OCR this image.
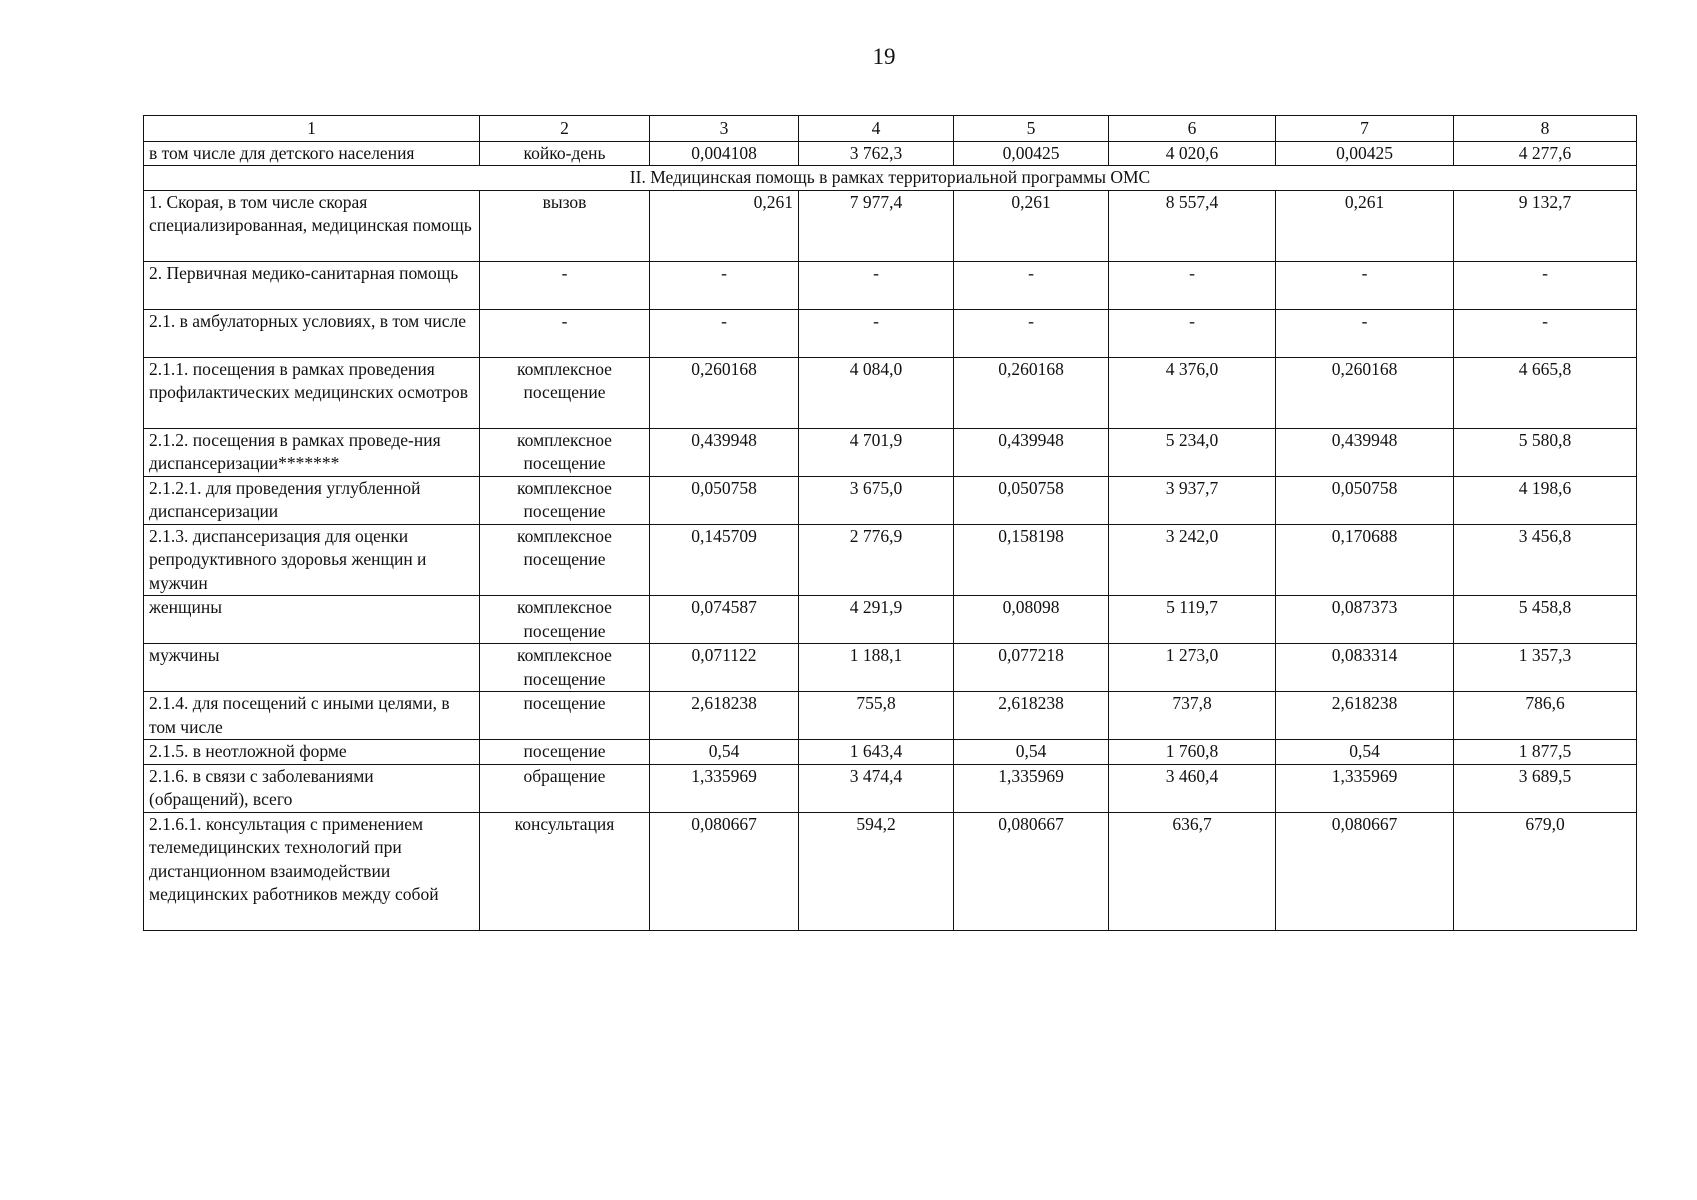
19
1	2	3	4	5	6	7	8
в том числе для детского населения	койко-день	0,004108	3 762,3	0,00425	4 020,6	0,00425	4 277,6
II. Медицинская помощь в рамках территориальной программы ОМС							
1. Скорая, в том числе скорая специализированная, медицинская помощь	вызов	0,261	7 977,4	0,261	8 557,4	0,261	9 132,7
2. Первичная медико-санитарная помощь	-	-	-	-	-	-	-
2.1. в амбулаторных условиях, в том числе	-	-	-	-	-	-	-
2.1.1. посещения в рамках проведения профилактических медицинских осмотров	комплексное посещение	0,260168	4 084,0	0,260168	4 376,0	0,260168	4 665,8
2.1.2. посещения в рамках проведе-ния диспансеризации*******	комплексное посещение	0,439948	4 701,9	0,439948	5 234,0	0,439948	5 580,8
2.1.2.1. для проведения углубленной диспансеризации	комплексное посещение	0,050758	3 675,0	0,050758	3 937,7	0,050758	4 198,6
2.1.3. диспансеризация для оценки репродуктивного здоровья женщин и мужчин	комплексное посещение	0,145709	2 776,9	0,158198	3 242,0	0,170688	3 456,8
женщины	комплексное посещение	0,074587	4 291,9	0,08098	5 119,7	0,087373	5 458,8
мужчины	комплексное посещение	0,071122	1 188,1	0,077218	1 273,0	0,083314	1 357,3
2.1.4. для посещений с иными целями, в том числе	посещение	2,618238	755,8	2,618238	737,8	2,618238	786,6
2.1.5. в неотложной форме	посещение	0,54	1 643,4	0,54	1 760,8	0,54	1 877,5
2.1.6. в связи с заболеваниями (обращений), всего	обращение	1,335969	3 474,4	1,335969	3 460,4	1,335969	3 689,5
2.1.6.1. консультация с применением телемедицинских технологий при дистанционном взаимодействии медицинских работников между собой	консультация	0,080667	594,2	0,080667	636,7	0,080667	679,0
